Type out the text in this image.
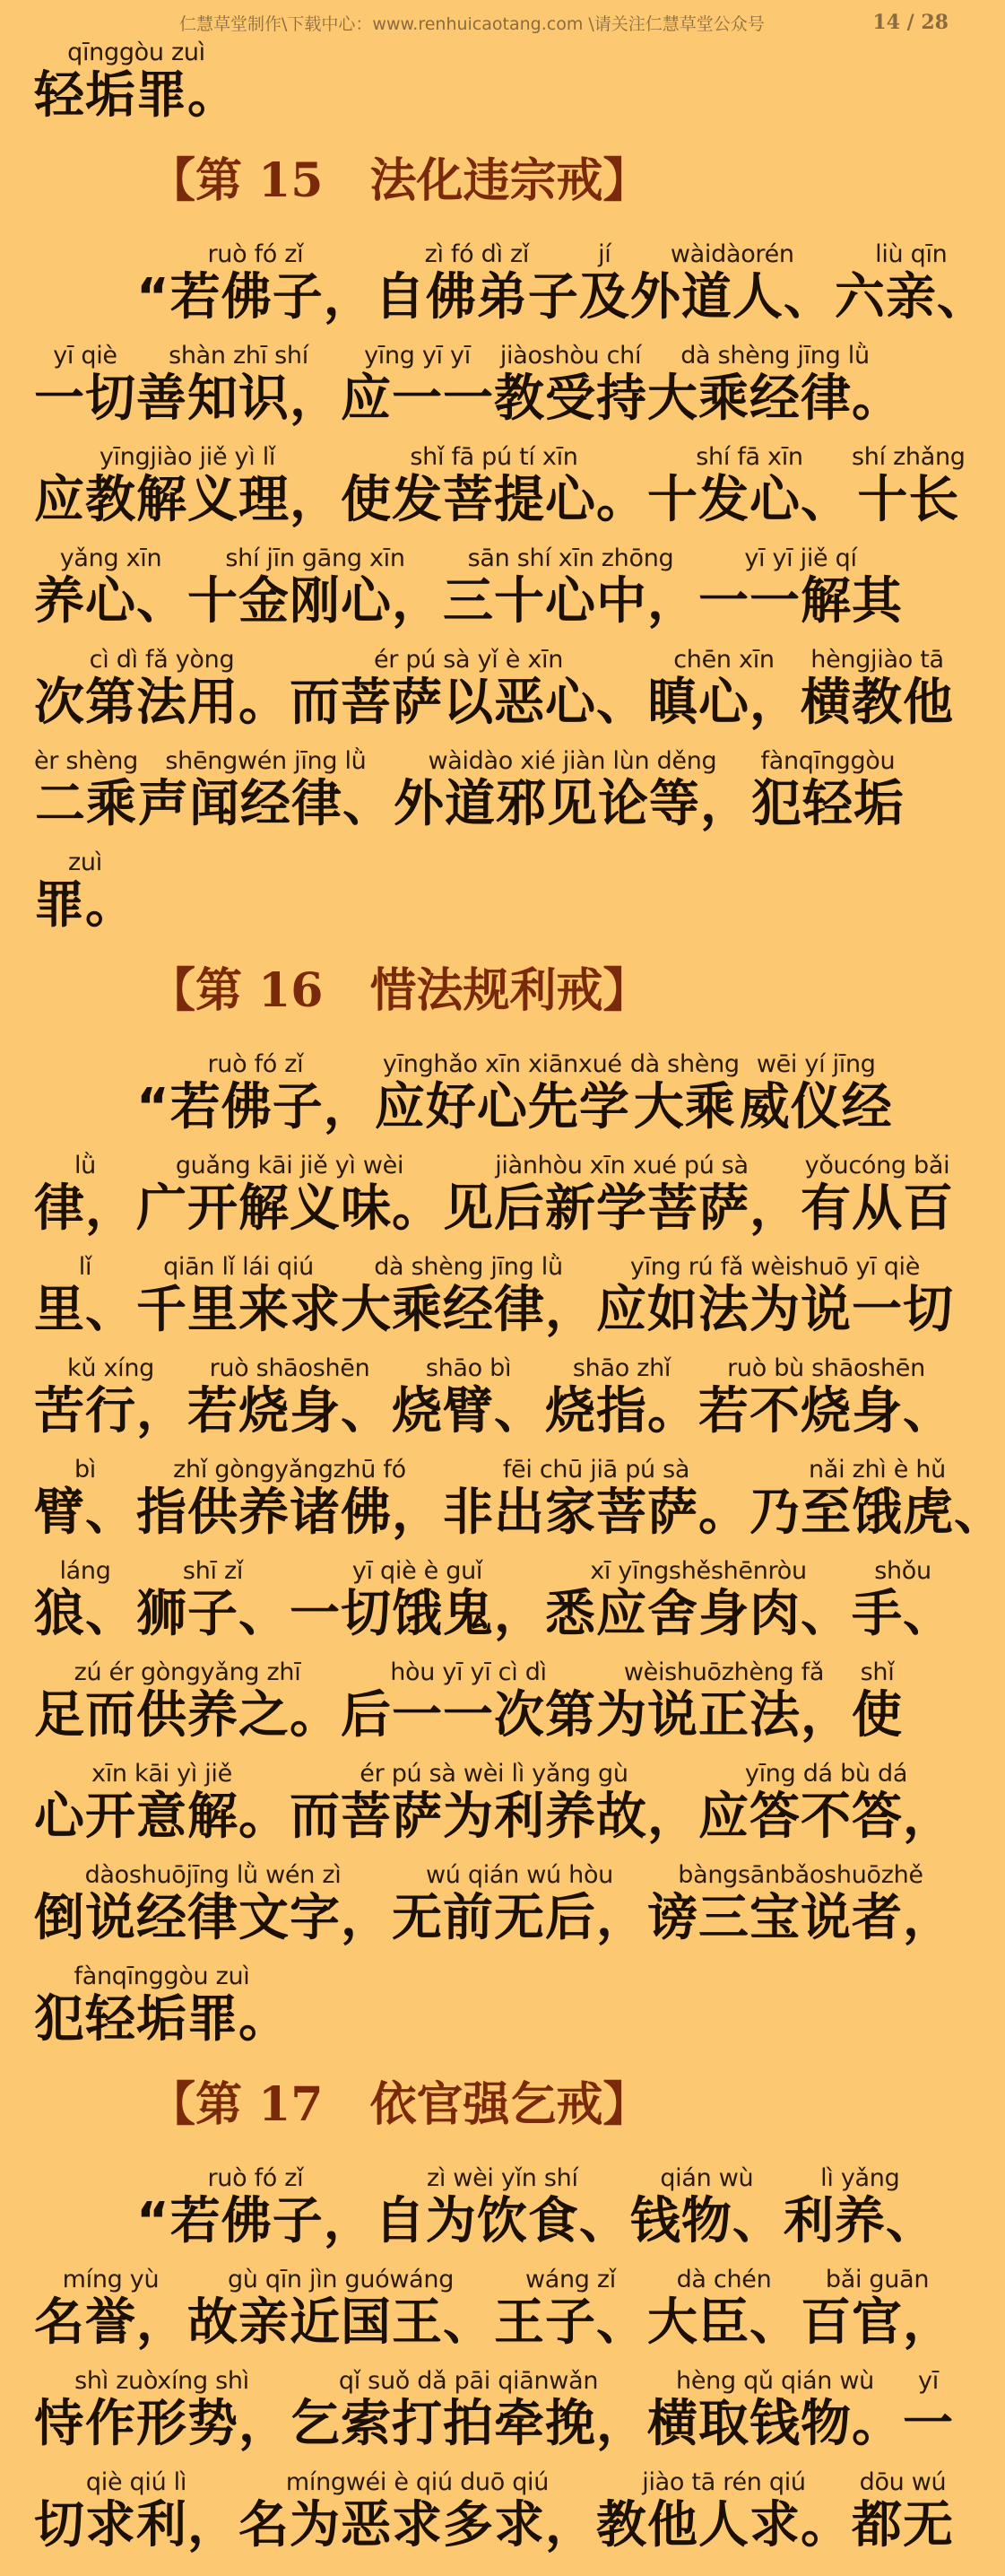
仁慧草堂制作\下载中心：www.renhuicaotang.com \请关注仁慧草堂公众号	14 / 28
qīnggòu zuì
轻垢罪。
【第 15　法化违宗戒】

ruò fó zǐ
“若佛子，
zì fó dì zǐ
自佛弟子
jí
及
wàidàorén
外道人、
liù qīn
六亲、
yī qiè
一切
shàn zhī shí
善知识，
yīng yī yī
应一一
jiàoshòu chí
教受持
dà shèng jīng lǜ
大乘经律。
yīngjiào jiě yì lǐ
应教解义理，
shǐ fā pú tí xīn
使发菩提心。
shí fā xīn
十发心、
shí zhǎng
十长
yǎng xīn
养心、
shí jīn gāng xīn
十金刚心，
sān shí xīn zhōng
三十心中，
yī yī jiě qí
一一解其
cì dì fǎ yòng
次第法用。
ér pú sà yǐ è xīn
而菩萨以恶心、
chēn xīn
瞋心，
hèngjiào tā
横教他
èr shèng
二乘
shēngwén jīng lǜ
声闻经律、
wàidào xié jiàn lùn děng
外道邪见论等，
fànqīnggòu
犯轻垢
zuì
罪。
【第 16　惜法规利戒】

ruò fó zǐ
“若佛子，
yīnghǎo xīn xiānxué
应好心先学
dà shèng
大乘
wēi yí jīng
威仪经
lǜ
律，
guǎng kāi jiě yì wèi
广开解义味。
jiànhòu xīn xué pú sà
见后新学菩萨，
yǒucóng bǎi
有从百
lǐ
里、
qiān lǐ lái qiú
千里来求
dà shèng jīng lǜ
大乘经律，
yīng rú fǎ wèishuō yī qiè
应如法为说一切
kǔ xíng
苦行，
ruò shāoshēn
若烧身、
shāo bì
烧臂、
shāo zhǐ
烧指。
ruò bù shāoshēn
若不烧身、
bì
臂、
zhǐ gòngyǎngzhū fó
指供养诸佛，
fēi chū jiā pú sà
非出家菩萨。
nǎi zhì è hǔ
乃至饿虎、
láng
狼、
shī zǐ
狮子、
yī qiè è guǐ
一切饿鬼，
xī yīngshěshēnròu
悉应舍身肉、
shǒu
手、
zú ér gòngyǎng zhī
足而供养之。
hòu yī yī cì dì
后一一次第
wèishuōzhèng fǎ
为说正法，
shǐ
使
xīn kāi yì jiě
心开意解。
ér pú sà wèi lì yǎng gù
而菩萨为利养故，
yīng dá bù dá
应答不答，
dàoshuōjīng lǜ wén zì
倒说经律文字，
wú qián wú hòu
无前无后，
bàngsānbǎoshuōzhě
谤三宝说者，
fànqīnggòu zuì
犯轻垢罪。
【第 17　依官强乞戒】

ruò fó zǐ
“若佛子，
zì wèi yǐn shí
自为饮食、
qián wù
钱物、
lì yǎng
利养、
míng yù
名誉，
gù qīn jìn guówáng
故亲近国王、
wáng zǐ
王子、
dà chén
大臣、
bǎi guān
百官，
shì zuòxíng shì
恃作形势，
qǐ suǒ dǎ pāi qiānwǎn
乞索打拍牵挽，
hèng qǔ qián wù
横取钱物。
yī
一
qiè qiú lì
切求利，
míngwéi è qiú duō qiú
名为恶求多求，
jiào tā rén qiú
教他人求。
dōu wú
都无
